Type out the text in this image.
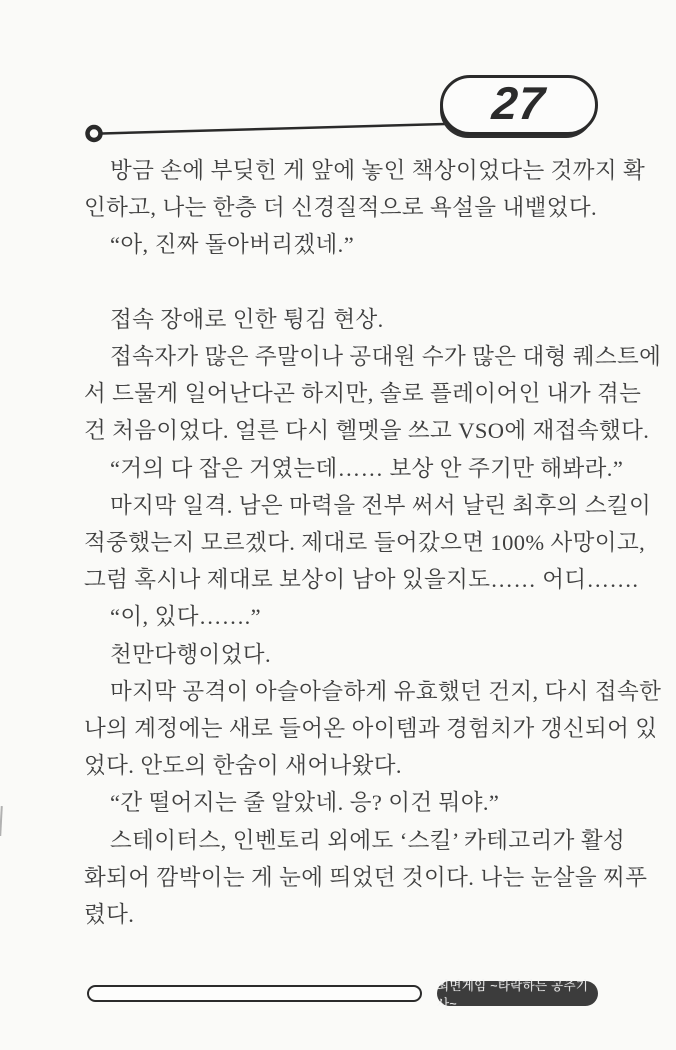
27
방금 손에 부딪힌 게 앞에 놓인 책상이었다는 것까지 확
인하고, 나는 한층 더 신경질적으로 욕설을 내뱉었다.
“아, 진짜 돌아버리겠네.”

접속 장애로 인한 튕김 현상.
접속자가 많은 주말이나 공대원 수가 많은 대형 퀘스트에
서 드물게 일어난다곤 하지만, 솔로 플레이어인 내가 겪는
건 처음이었다. 얼른 다시 헬멧을 쓰고 VSO에 재접속했다.
“거의 다 잡은 거였는데…… 보상 안 주기만 해봐라.”
마지막 일격. 남은 마력을 전부 써서 날린 최후의 스킬이
적중했는지 모르겠다. 제대로 들어갔으면 100% 사망이고,
그럼 혹시나 제대로 보상이 남아 있을지도…… 어디…….
“이, 있다…….”
천만다행이었다.
마지막 공격이 아슬아슬하게 유효했던 건지, 다시 접속한
나의 계정에는 새로 들어온 아이템과 경험치가 갱신되어 있
었다. 안도의 한숨이 새어나왔다.
“간 떨어지는 줄 알았네. 응? 이건 뭐야.”
스테이터스, 인벤토리 외에도 ‘스킬’ 카테고리가 활성
화되어 깜박이는 게 눈에 띄었던 것이다. 나는 눈살을 찌푸
렸다.
최면게임 ~타락하는 공주기사~
